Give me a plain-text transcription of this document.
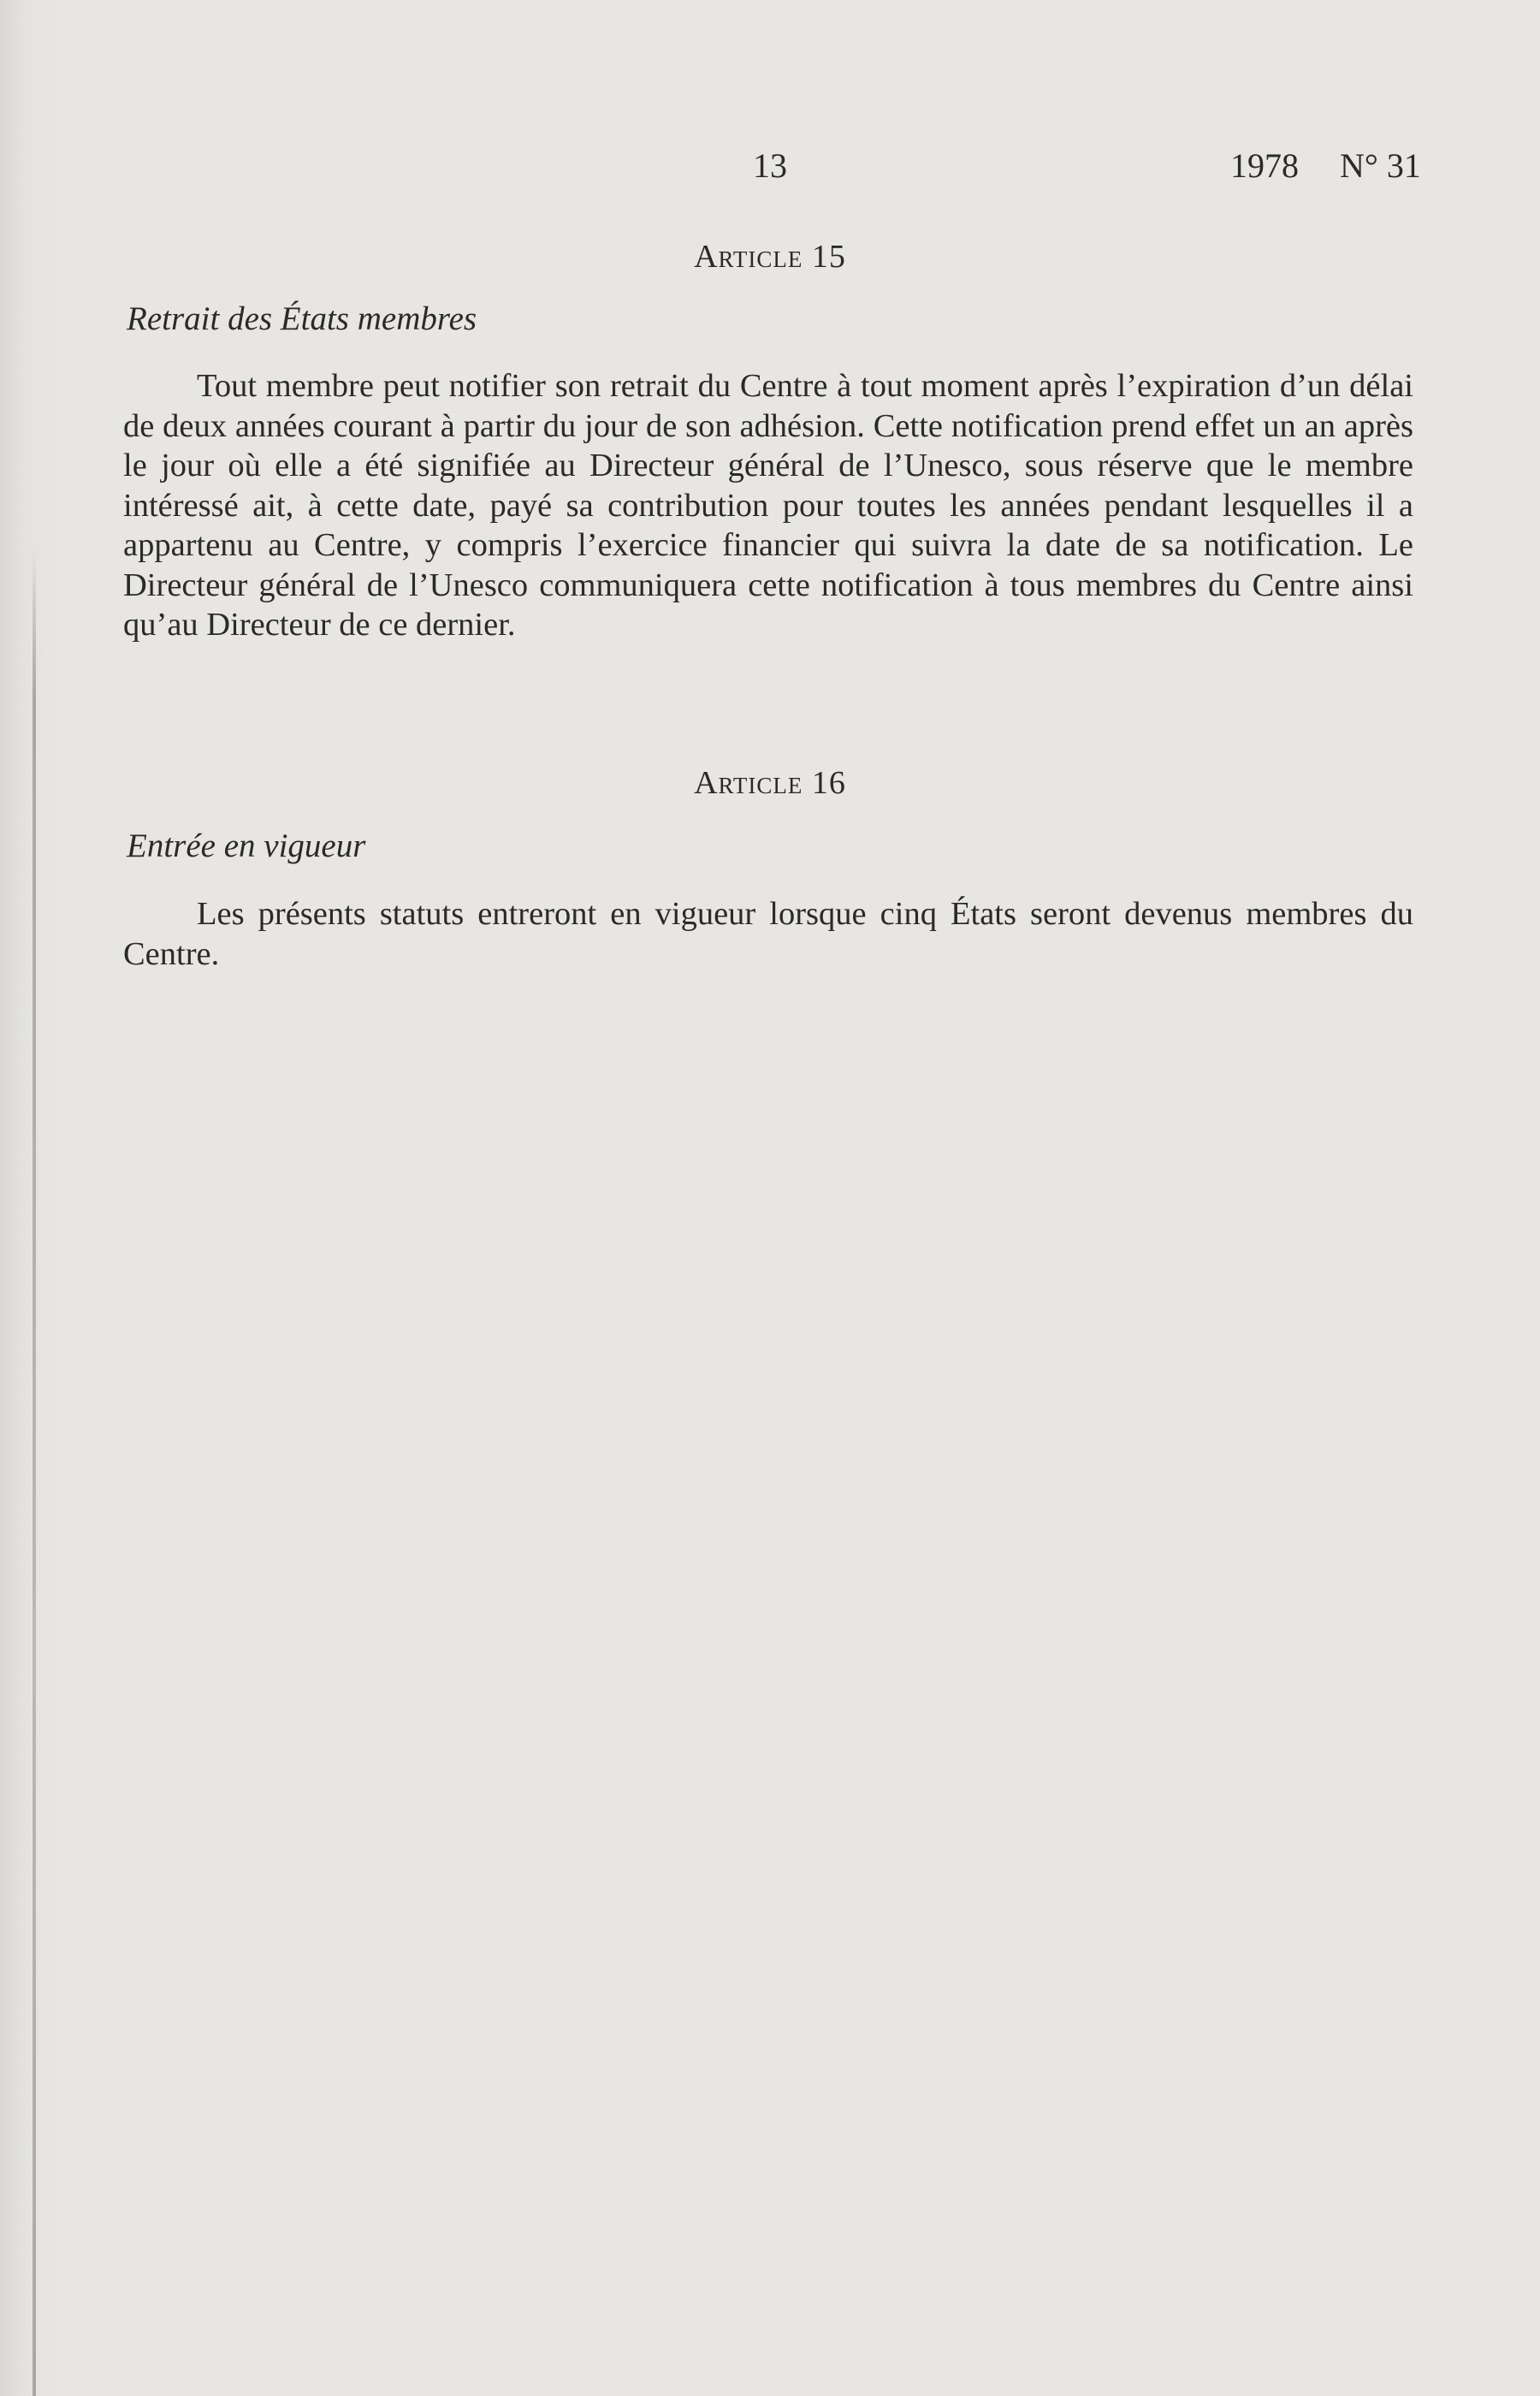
13	1978 N° 31
Article 15
Retrait des États membres
Tout membre peut notifier son retrait du Centre à tout moment après l’expiration d’un délai de deux années courant à partir du jour de son adhésion. Cette notification prend effet un an après le jour où elle a été signifiée au Directeur général de l’Unesco, sous réserve que le membre intéressé ait, à cette date, payé sa contribution pour toutes les années pendant lesquelles il a appartenu au Centre, y compris l’exercice financier qui suivra la date de sa notification. Le Directeur général de l’Unesco communiquera cette notification à tous membres du Centre ainsi qu’au Directeur de ce dernier.
Article 16
Entrée en vigueur
Les présents statuts entreront en vigueur lorsque cinq États seront devenus membres du Centre.
